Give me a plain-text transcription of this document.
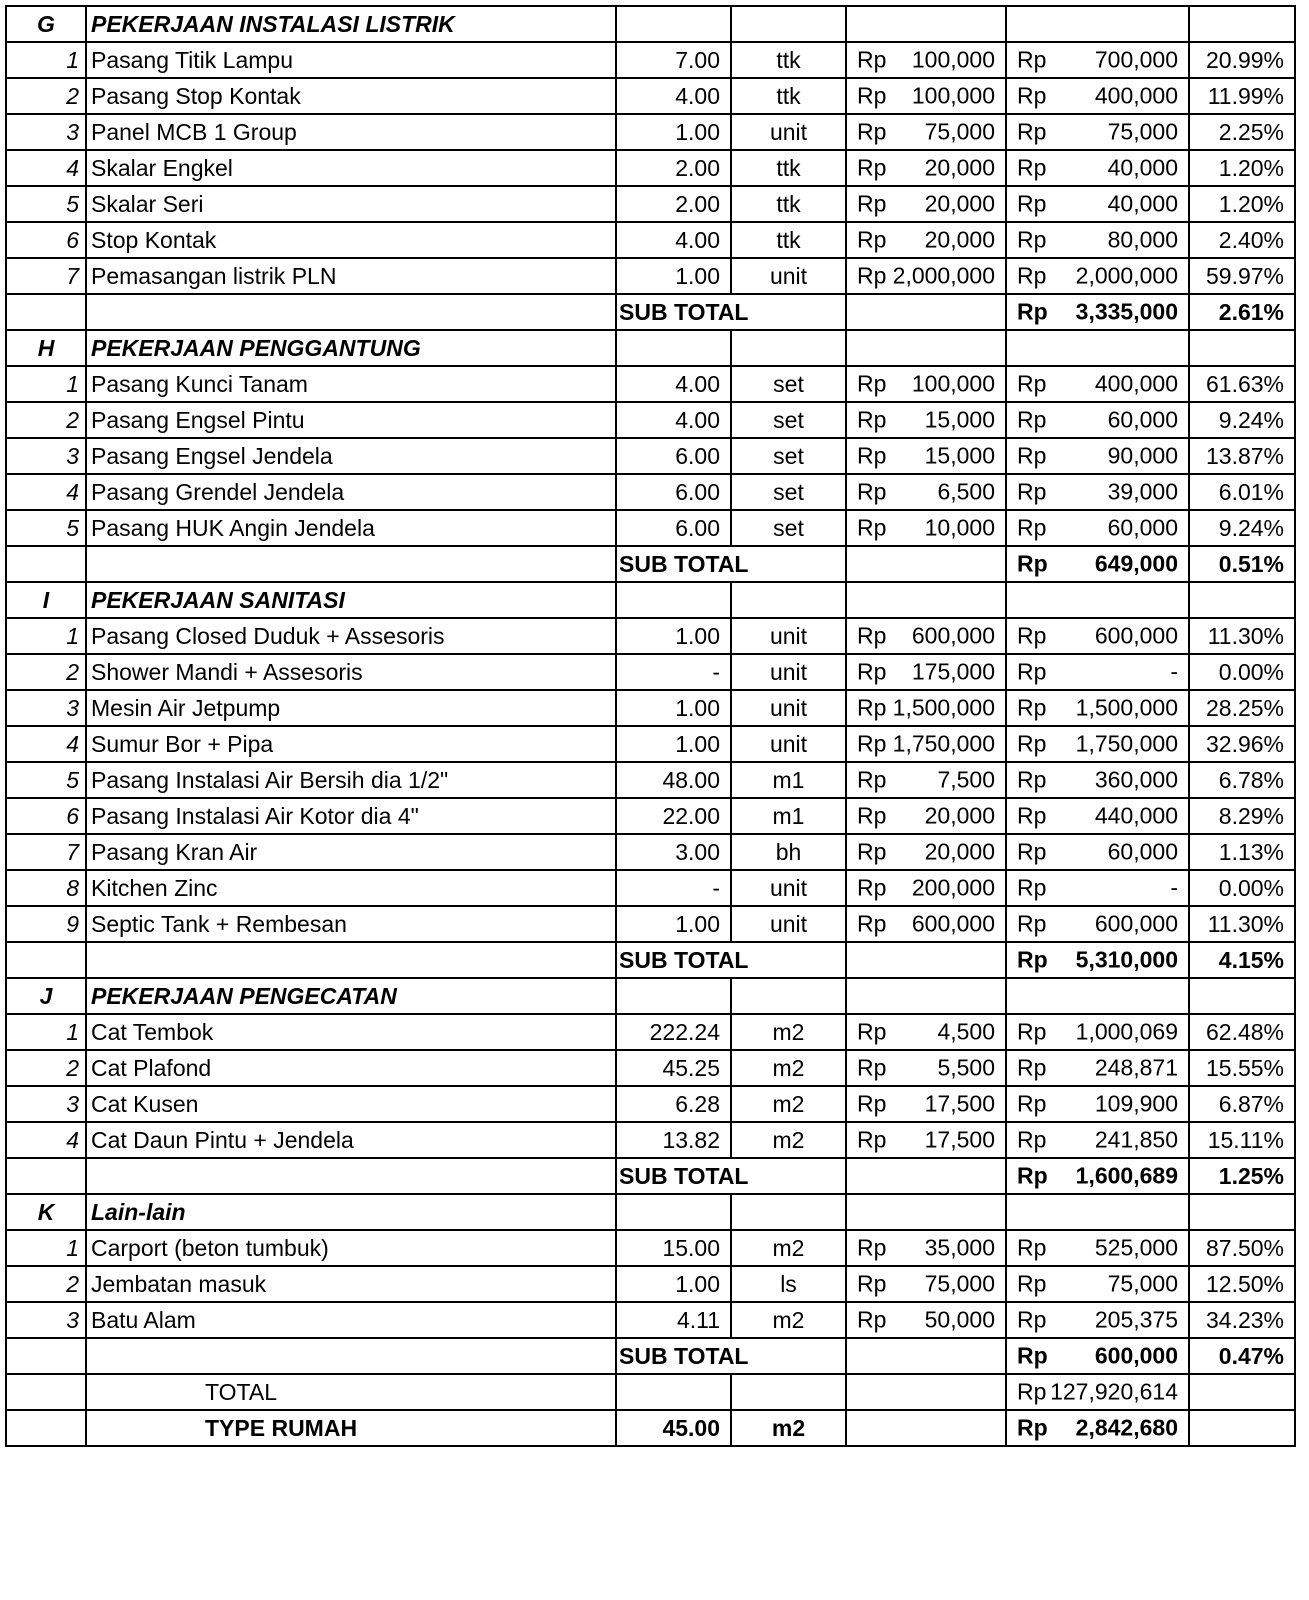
G	PEKERJAAN INSTALASI LISTRIK					
1	Pasang Titik Lampu	7.00	ttk	Rp 100,000	Rp 700,000	20.99%
2	Pasang Stop Kontak	4.00	ttk	Rp 100,000	Rp 400,000	11.99%
3	Panel MCB 1 Group	1.00	unit	Rp 75,000	Rp 75,000	2.25%
4	Skalar Engkel	2.00	ttk	Rp 20,000	Rp 40,000	1.20%
5	Skalar Seri	2.00	ttk	Rp 20,000	Rp 40,000	1.20%
6	Stop Kontak	4.00	ttk	Rp 20,000	Rp 80,000	2.40%
7	Pemasangan listrik PLN	1.00	unit	Rp 2,000,000	Rp 2,000,000	59.97%
		SUB TOTAL			Rp 3,335,000	2.61%
H	PEKERJAAN PENGGANTUNG					
1	Pasang Kunci Tanam	4.00	set	Rp 100,000	Rp 400,000	61.63%
2	Pasang Engsel Pintu	4.00	set	Rp 15,000	Rp 60,000	9.24%
3	Pasang Engsel Jendela	6.00	set	Rp 15,000	Rp 90,000	13.87%
4	Pasang Grendel Jendela	6.00	set	Rp 6,500	Rp 39,000	6.01%
5	Pasang HUK Angin Jendela	6.00	set	Rp 10,000	Rp 60,000	9.24%
		SUB TOTAL			Rp 649,000	0.51%
I	PEKERJAAN SANITASI					
1	Pasang Closed Duduk + Assesoris	1.00	unit	Rp 600,000	Rp 600,000	11.30%
2	Shower Mandi + Assesoris	-	unit	Rp 175,000	Rp -	0.00%
3	Mesin Air Jetpump	1.00	unit	Rp 1,500,000	Rp 1,500,000	28.25%
4	Sumur Bor + Pipa	1.00	unit	Rp 1,750,000	Rp 1,750,000	32.96%
5	Pasang Instalasi Air Bersih dia 1/2"	48.00	m1	Rp 7,500	Rp 360,000	6.78%
6	Pasang Instalasi Air Kotor dia 4"	22.00	m1	Rp 20,000	Rp 440,000	8.29%
7	Pasang Kran Air	3.00	bh	Rp 20,000	Rp 60,000	1.13%
8	Kitchen Zinc	-	unit	Rp 200,000	Rp -	0.00%
9	Septic Tank + Rembesan	1.00	unit	Rp 600,000	Rp 600,000	11.30%
		SUB TOTAL			Rp 5,310,000	4.15%
J	PEKERJAAN PENGECATAN					
1	Cat Tembok	222.24	m2	Rp 4,500	Rp 1,000,069	62.48%
2	Cat Plafond	45.25	m2	Rp 5,500	Rp 248,871	15.55%
3	Cat Kusen	6.28	m2	Rp 17,500	Rp 109,900	6.87%
4	Cat Daun Pintu + Jendela	13.82	m2	Rp 17,500	Rp 241,850	15.11%
		SUB TOTAL			Rp 1,600,689	1.25%
K	Lain-lain					
1	Carport (beton tumbuk)	15.00	m2	Rp 35,000	Rp 525,000	87.50%
2	Jembatan masuk	1.00	ls	Rp 75,000	Rp 75,000	12.50%
3	Batu Alam	4.11	m2	Rp 50,000	Rp 205,375	34.23%
		SUB TOTAL			Rp 600,000	0.47%
	TOTAL				Rp 127,920,614	

	TYPE RUMAH	45.00	m2		Rp 2,842,680	
